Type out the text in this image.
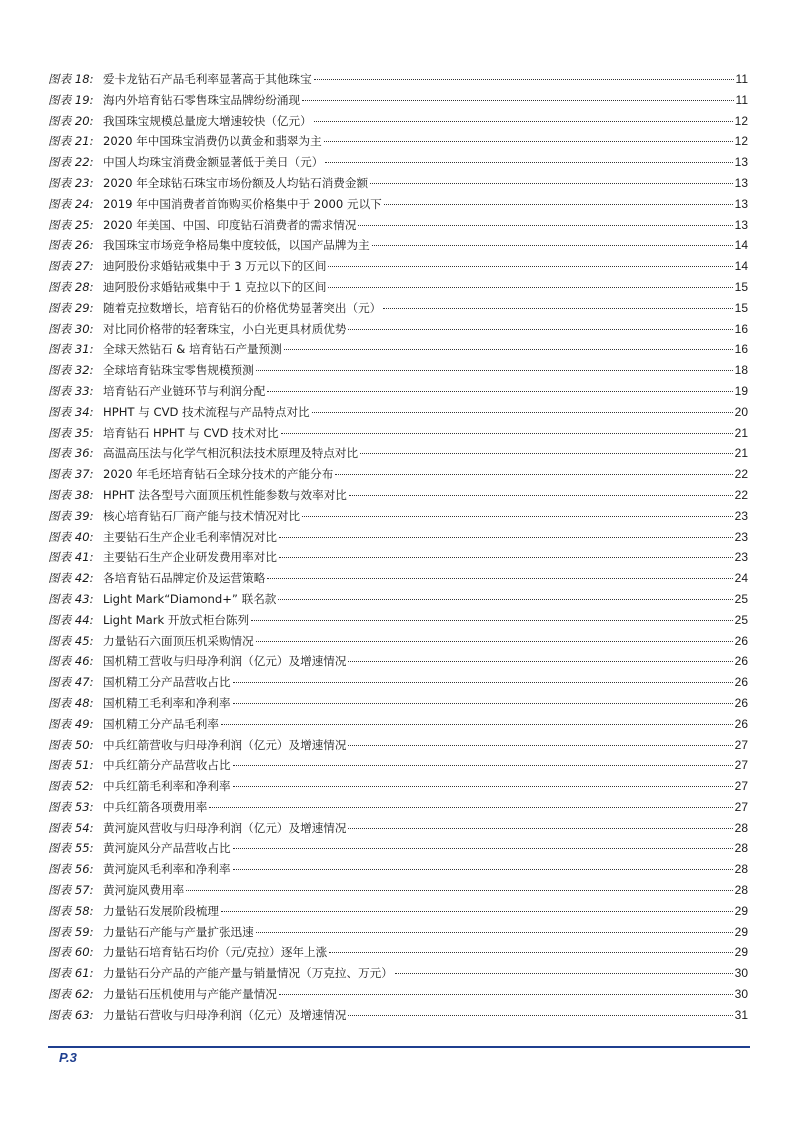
图表 18: 爱卡龙钻石产品毛利率显著高于其他珠宝	11
图表 19: 海内外培育钻石零售珠宝品牌纷纷涌现	11
图表 20: 我国珠宝规模总量庞大增速较快（亿元）	12
图表 21: 2020 年中国珠宝消费仍以黄金和翡翠为主	12
图表 22: 中国人均珠宝消费金额显著低于美日（元）	13
图表 23: 2020 年全球钻石珠宝市场份额及人均钻石消费金额	13
图表 24: 2019 年中国消费者首饰购买价格集中于 2000 元以下	13
图表 25: 2020 年美国、中国、印度钻石消费者的需求情况	13
图表 26: 我国珠宝市场竞争格局集中度较低，以国产品牌为主	14
图表 27: 迪阿股份求婚钻戒集中于 3 万元以下的区间	14
图表 28: 迪阿股份求婚钻戒集中于 1 克拉以下的区间	15
图表 29: 随着克拉数增长，培育钻石的价格优势显著突出（元）	15
图表 30: 对比同价格带的轻奢珠宝，小白光更具材质优势	16
图表 31: 全球天然钻石 & 培育钻石产量预测	16
图表 32: 全球培育钻珠宝零售规模预测	18
图表 33: 培育钻石产业链环节与利润分配	19
图表 34: HPHT 与 CVD 技术流程与产品特点对比	20
图表 35: 培育钻石 HPHT 与 CVD 技术对比	21
图表 36: 高温高压法与化学气相沉积法技术原理及特点对比	21
图表 37: 2020 年毛坯培育钻石全球分技术的产能分布	22
图表 38: HPHT 法各型号六面顶压机性能参数与效率对比	22
图表 39: 核心培育钻石厂商产能与技术情况对比	23
图表 40: 主要钻石生产企业毛利率情况对比	23
图表 41: 主要钻石生产企业研发费用率对比	23
图表 42: 各培育钻石品牌定价及运营策略	24
图表 43: Light Mark“Diamond+” 联名款	25
图表 44: Light Mark 开放式柜台陈列	25
图表 45: 力量钻石六面顶压机采购情况	26
图表 46: 国机精工营收与归母净利润（亿元）及增速情况	26
图表 47: 国机精工分产品营收占比	26
图表 48: 国机精工毛利率和净利率	26
图表 49: 国机精工分产品毛利率	26
图表 50: 中兵红箭营收与归母净利润（亿元）及增速情况	27
图表 51: 中兵红箭分产品营收占比	27
图表 52: 中兵红箭毛利率和净利率	27
图表 53: 中兵红箭各项费用率	27
图表 54: 黄河旋风营收与归母净利润（亿元）及增速情况	28
图表 55: 黄河旋风分产品营收占比	28
图表 56: 黄河旋风毛利率和净利率	28
图表 57: 黄河旋风费用率	28
图表 58: 力量钻石发展阶段梳理	29
图表 59: 力量钻石产能与产量扩张迅速	29
图表 60: 力量钻石培育钻石均价（元/克拉）逐年上涨	29
图表 61: 力量钻石分产品的产能产量与销量情况（万克拉、万元）	30
图表 62: 力量钻石压机使用与产能产量情况	30
图表 63: 力量钻石营收与归母净利润（亿元）及增速情况	31
P.3
